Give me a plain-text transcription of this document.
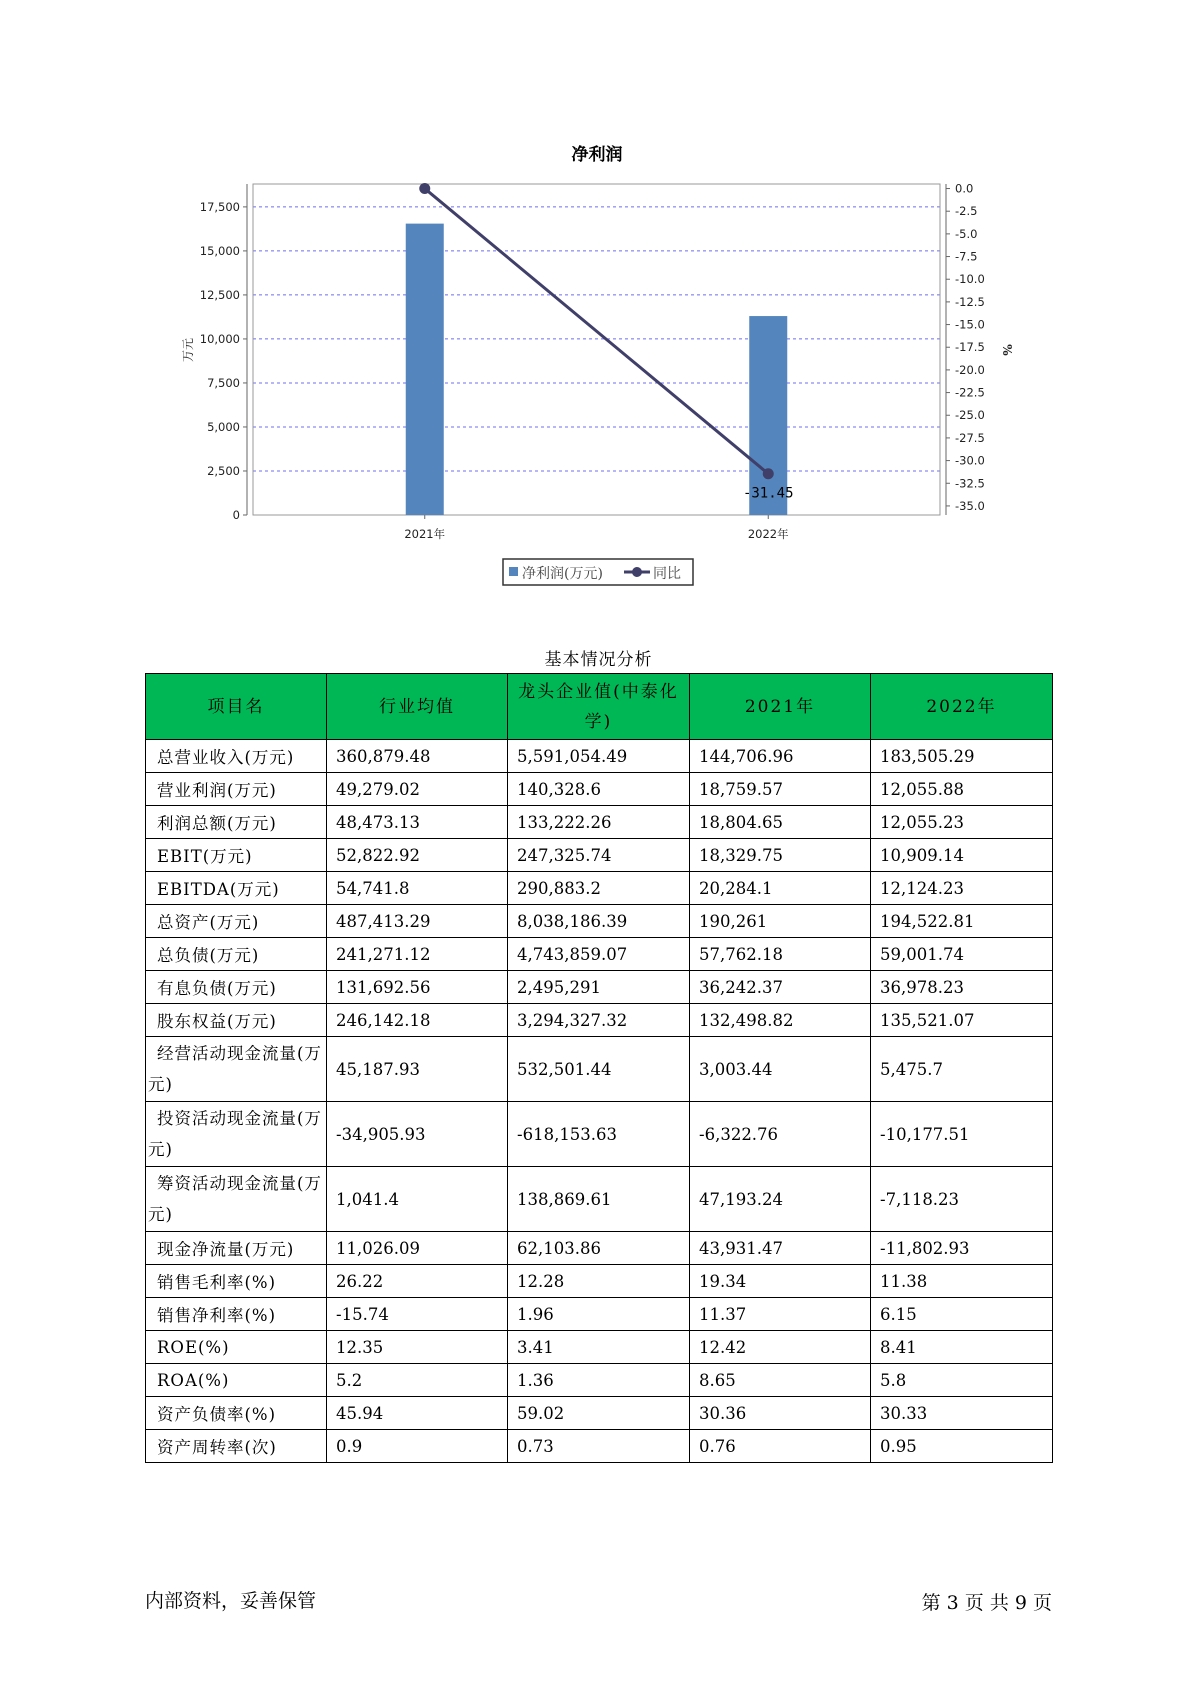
净利润
0
2,500
5,000
7,500
10,000
12,500
15,000
17,500
0.0
-2.5
-5.0
-7.5
-10.0
-12.5
-15.0
-17.5
-20.0
-22.5
-25.0
-27.5
-30.0
-32.5
-35.0
-31.45
2021年	2022年
万元	%
净利润(万元)	同比
基本情况分析
项目名	行业均值	龙头企业值(中泰化学)	2021年	2022年
总营业收入(万元)	360,879.48	5,591,054.49	144,706.96	183,505.29
营业利润(万元)	49,279.02	140,328.6	18,759.57	12,055.88
利润总额(万元)	48,473.13	133,222.26	18,804.65	12,055.23
EBIT(万元)	52,822.92	247,325.74	18,329.75	10,909.14
EBITDA(万元)	54,741.8	290,883.2	20,284.1	12,124.23
总资产(万元)	487,413.29	8,038,186.39	190,261	194,522.81
总负债(万元)	241,271.12	4,743,859.07	57,762.18	59,001.74
有息负债(万元)	131,692.56	2,495,291	36,242.37	36,978.23
股东权益(万元)	246,142.18	3,294,327.32	132,498.82	135,521.07
经营活动现金流量(万元)	45,187.93	532,501.44	3,003.44	5,475.7
投资活动现金流量(万元)	-34,905.93	-618,153.63	-6,322.76	-10,177.51
筹资活动现金流量(万元)	1,041.4	138,869.61	47,193.24	-7,118.23
现金净流量(万元)	11,026.09	62,103.86	43,931.47	-11,802.93
销售毛利率(%)	26.22	12.28	19.34	11.38
销售净利率(%)	-15.74	1.96	11.37	6.15
ROE(%)	12.35	3.41	12.42	8.41
ROA(%)	5.2	1.36	8.65	5.8
资产负债率(%)	45.94	59.02	30.36	30.33
资产周转率(次)	0.9	0.73	0.76	0.95
内部资料，妥善保管	第 3 页 共 9 页
